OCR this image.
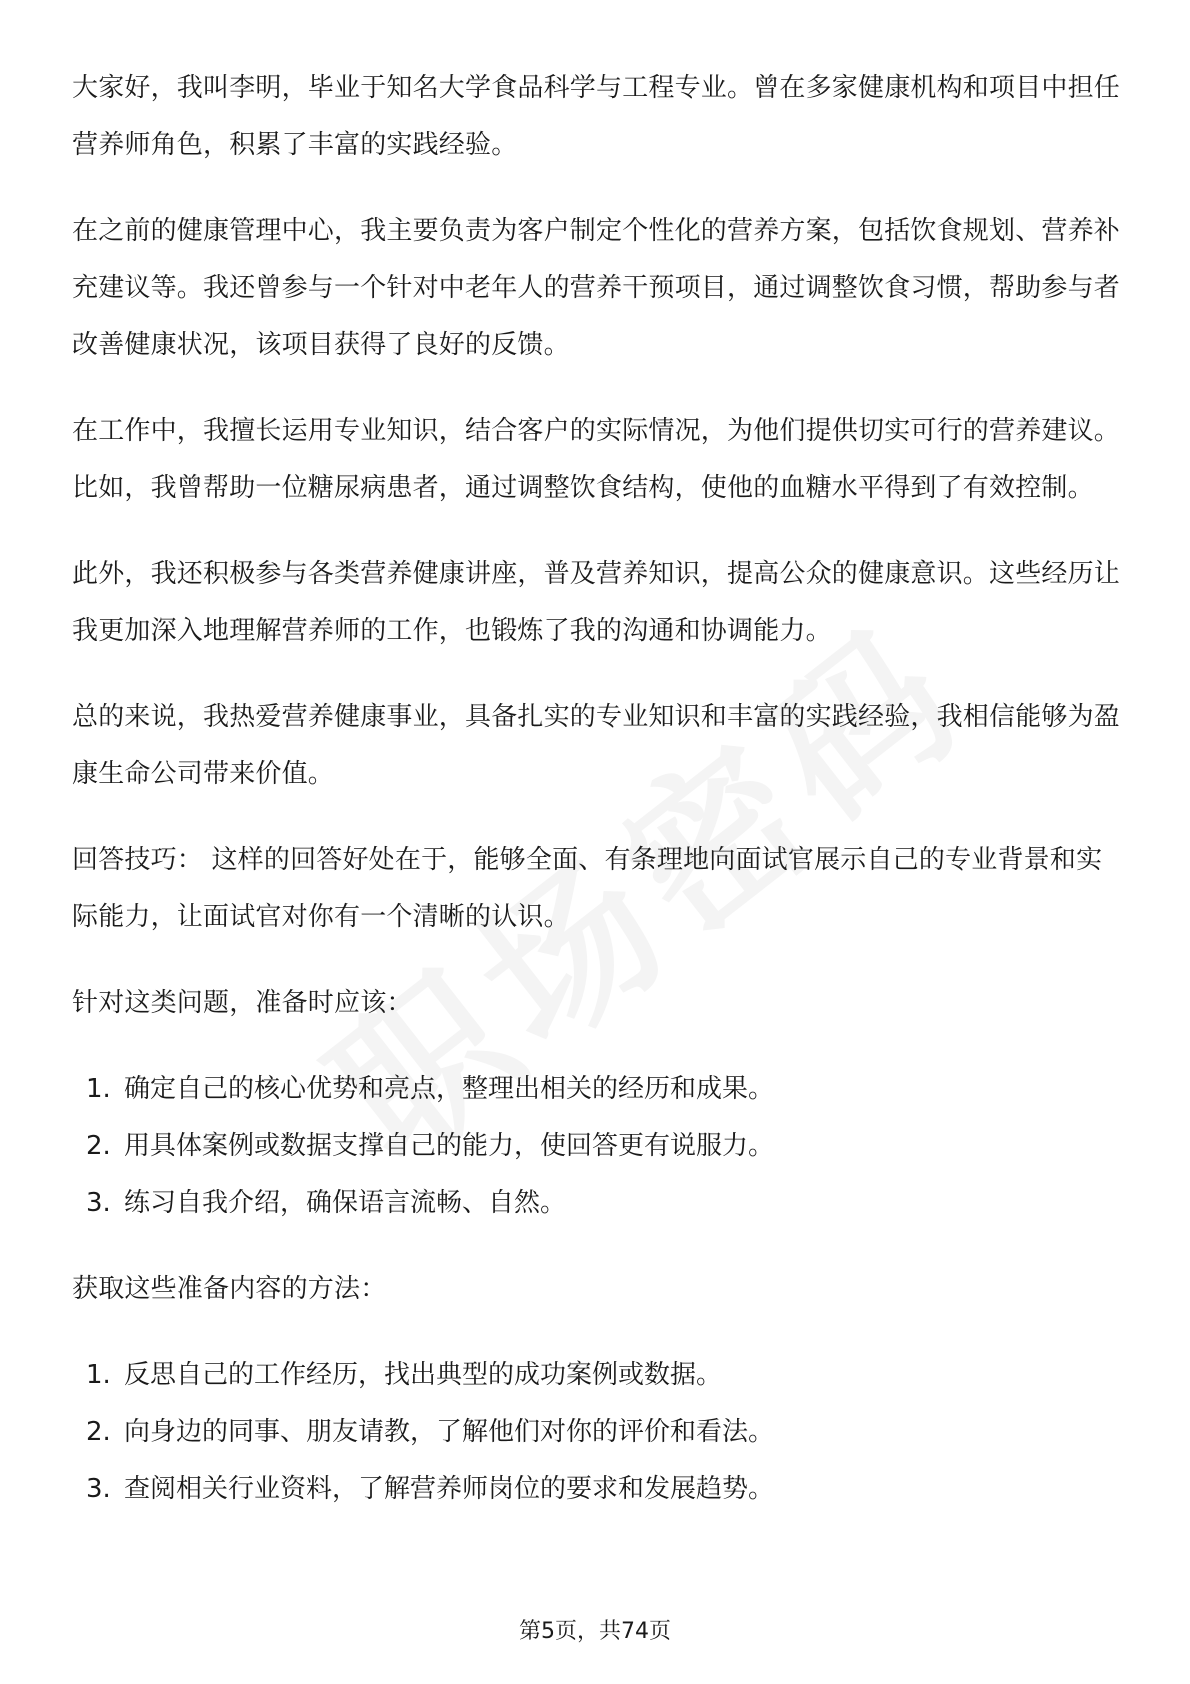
大家好，我叫李明，毕业于知名大学食品科学与工程专业。曾在多家健康机构和项目中担任营养师角色，积累了丰富的实践经验。

在之前的健康管理中心，我主要负责为客户制定个性化的营养方案，包括饮食规划、营养补充建议等。我还曾参与一个针对中老年人的营养干预项目，通过调整饮食习惯，帮助参与者改善健康状况，该项目获得了良好的反馈。

在工作中，我擅长运用专业知识，结合客户的实际情况，为他们提供切实可行的营养建议。比如，我曾帮助一位糖尿病患者，通过调整饮食结构，使他的血糖水平得到了有效控制。

此外，我还积极参与各类营养健康讲座，普及营养知识，提高公众的健康意识。这些经历让我更加深入地理解营养师的工作，也锻炼了我的沟通和协调能力。

总的来说，我热爱营养健康事业，具备扎实的专业知识和丰富的实践经验，我相信能够为盈康生命公司带来价值。

回答技巧： 这样的回答好处在于，能够全面、有条理地向面试官展示自己的专业背景和实际能力，让面试官对你有一个清晰的认识。

针对这类问题，准备时应该：

1. 确定自己的核心优势和亮点，整理出相关的经历和成果。
2. 用具体案例或数据支撑自己的能力，使回答更有说服力。
3. 练习自我介绍，确保语言流畅、自然。

获取这些准备内容的方法：

1. 反思自己的工作经历，找出典型的成功案例或数据。
2. 向身边的同事、朋友请教，了解他们对你的评价和看法。
3. 查阅相关行业资料，了解营养师岗位的要求和发展趋势。
第5页，共74页
